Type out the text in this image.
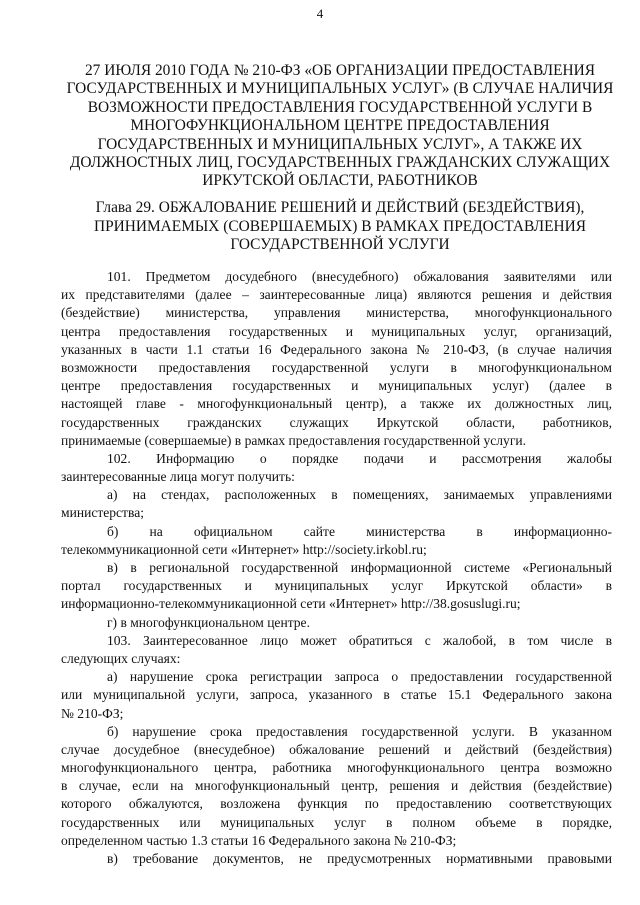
4
27 ИЮЛЯ 2010 ГОДА № 210-ФЗ «ОБ ОРГАНИЗАЦИИ ПРЕДОСТАВЛЕНИЯ
ГОСУДАРСТВЕННЫХ И МУНИЦИПАЛЬНЫХ УСЛУГ» (В СЛУЧАЕ НАЛИЧИЯ
ВОЗМОЖНОСТИ ПРЕДОСТАВЛЕНИЯ ГОСУДАРСТВЕННОЙ УСЛУГИ В
МНОГОФУНКЦИОНАЛЬНОМ ЦЕНТРЕ ПРЕДОСТАВЛЕНИЯ
ГОСУДАРСТВЕННЫХ И МУНИЦИПАЛЬНЫХ УСЛУГ», А ТАКЖЕ ИХ
ДОЛЖНОСТНЫХ ЛИЦ, ГОСУДАРСТВЕННЫХ ГРАЖДАНСКИХ СЛУЖАЩИХ
ИРКУТСКОЙ ОБЛАСТИ, РАБОТНИКОВ
Глава 29. ОБЖАЛОВАНИЕ РЕШЕНИЙ И ДЕЙСТВИЙ (БЕЗДЕЙСТВИЯ),
ПРИНИМАЕМЫХ (СОВЕРШАЕМЫХ) В РАМКАХ ПРЕДОСТАВЛЕНИЯ
ГОСУДАРСТВЕННОЙ УСЛУГИ
101. Предметом досудебного (внесудебного) обжалования заявителями или
их представителями (далее – заинтересованные лица) являются решения и действия
(бездействие) министерства, управления министерства, многофункционального
центра предоставления государственных и муниципальных услуг, организаций,
указанных в части 1.1 статьи 16 Федерального закона № 210-ФЗ, (в случае наличия
возможности предоставления государственной услуги в многофункциональном
центре предоставления государственных и муниципальных услуг) (далее в
настоящей главе - многофункциональный центр), а также их должностных лиц,
государственных гражданских служащих Иркутской области, работников,
принимаемые (совершаемые) в рамках предоставления государственной услуги.
102. Информацию о порядке подачи и рассмотрения жалобы
заинтересованные лица могут получить:
а) на стендах, расположенных в помещениях, занимаемых управлениями
министерства;
б) на официальном сайте министерства в информационно-
телекоммуникационной сети «Интернет» http://society.irkobl.ru;
в) в региональной государственной информационной системе «Региональный
портал государственных и муниципальных услуг Иркутской области» в
информационно-телекоммуникационной сети «Интернет» http://38.gosuslugi.ru;
г) в многофункциональном центре.
103. Заинтересованное лицо может обратиться с жалобой, в том числе в
следующих случаях:
а) нарушение срока регистрации запроса о предоставлении государственной
или муниципальной услуги, запроса, указанного в статье 15.1 Федерального закона
№ 210-ФЗ;
б) нарушение срока предоставления государственной услуги. В указанном
случае досудебное (внесудебное) обжалование решений и действий (бездействия)
многофункционального центра, работника многофункционального центра возможно
в случае, если на многофункциональный центр, решения и действия (бездействие)
которого обжалуются, возложена функция по предоставлению соответствующих
государственных или муниципальных услуг в полном объеме в порядке,
определенном частью 1.3 статьи 16 Федерального закона № 210-ФЗ;
в) требование документов, не предусмотренных нормативными правовыми
